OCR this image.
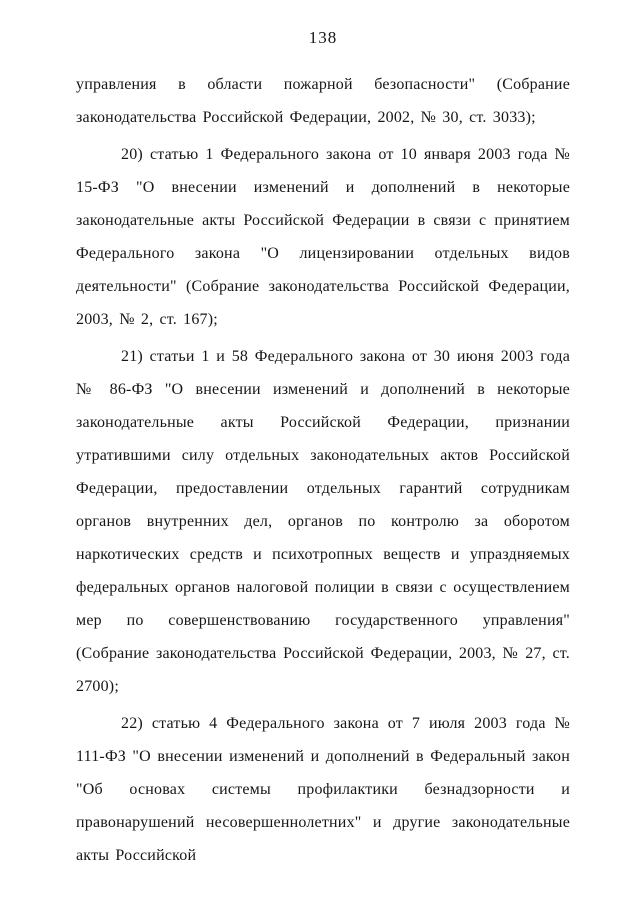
138

управления в области пожарной безопасности" (Собрание законодательства Российской Федерации, 2002, № 30, ст. 3033);

20) статью 1 Федерального закона от 10 января 2003 года № 15-ФЗ "О внесении изменений и дополнений в некоторые законодательные акты Российской Федерации в связи с принятием Федерального закона "О лицензировании отдельных видов деятельности" (Собрание законодательства Российской Федерации, 2003, № 2, ст. 167);

21) статьи 1 и 58 Федерального закона от 30 июня 2003 года № 86-ФЗ "О внесении изменений и дополнений в некоторые законодательные акты Российской Федерации, признании утратившими силу отдельных законодательных актов Российской Федерации, предоставлении отдельных гарантий сотрудникам органов внутренних дел, органов по контролю за оборотом наркотических средств и психотропных веществ и упраздняемых федеральных органов налоговой полиции в связи с осуществлением мер по совершенствованию государственного управления" (Собрание законодательства Российской Федерации, 2003, № 27, ст. 2700);

22) статью 4 Федерального закона от 7 июля 2003 года № 111-ФЗ "О внесении изменений и дополнений в Федеральный закон "Об основах системы профилактики безнадзорности и правонарушений несовершеннолетних" и другие законодательные акты Российской
